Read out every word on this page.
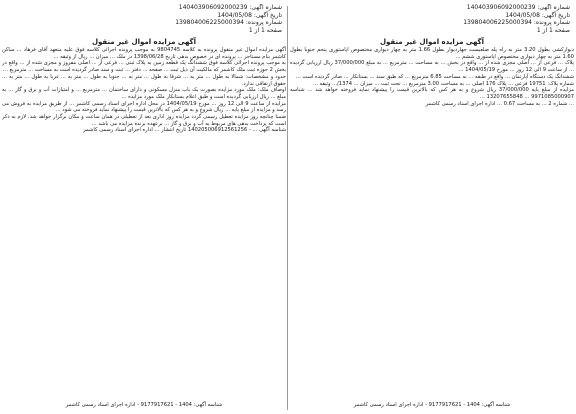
شماره آگهی: 140403906092000239
تاریخ آگهی: 1404/05/08
شماره پرونده: 139804006225000394
صفحه 1 از 1
آگهی مزایده اموال غیر منقول
آگهی مزایده اموال غیر منقول پرونده به کلاسه 9804745 به موجب پرونده اجرائی کلاسه فوق علیه متعهد آقای فرهاد ... ساکن کاشمر بنام مستاجر ... پرونده ای در خصوص بدهی تاریخ 1398/06/28 در ملک ... میزان ... ریال از وثیقه ...
به موجب پرونده اجرائی کلاسه فوق ششدانگ یک قطعه زمین به پلاک ثبتی ... فرعی از ... اصلی مفروز و مجزی شده از ... واقع در بخش 2 حوزه ثبت ملک کاشمر که مالکیت آن ذیل ثبت ... صفحه ... دفتر ... ثبت و سند صادر گردیده است به مساحت ... مترمربع ...
حدود و مشخصات: شمالا به طول ... متر به ... شرقا به طول ... متر به ... جنوبا به طول ... متر به ... غربا به طول ... متر به ... حقوق ارتفاقی ندارد.
اوصاف ملک: ملک مورد مزایده بصورت یک باب منزل مسکونی و دارای ساختمان ... مترمربع ... و امتیازات آب و برق و گاز ... به مبلغ ... ریال ارزیابی گردیده است و طبق اعلام بستانکار ملک مورد مزایده ...
مزایده از ساعت 9 الی 12 روز ... مورخ 1404/05/19 در محل اداره اجرای اسناد رسمی کاشمر ... از طریق مزایده به فروش می رسد و مزایده از مبلغ پایه ... ریال شروع و به هر کس که بالاترین قیمت را پیشنهاد نماید فروخته می شود ...
ضمنا چنانچه روز مزایده تعطیل رسمی گردد مزایده روز اداری بعد از تعطیلی در همان ساعت و مکان برگزار خواهد شد. لازم به ذکر است که پرداخت بدهی های مربوط به آب و برق و گاز ... برعهده برنده مزایده می باشد ...
شناسه آگهی ... - 140205006912561256 تاریخ انتشار ... اداره اجرای اسناد رسمی کاشمر
شناسه آگهی: 1404 - 9177917621 - اداره اجرای اسناد رسمی کاشمر
شماره آگهی: 140403906092000239
تاریخ آگهی: 1404/05/08
شماره پرونده: 139804006225000394
صفحه 1 از 1
آگهی مزایده اموال غیر منقول
دیوارکشی بطول 3.20 متر به راه پله ضلعیست جهاردیوار بطول 1.66 متر به چهار دیواری مختصوص اپاستوری پنجم جنوبا بطول 1.60 متر به چهار دیواری مختصوص اپاستوری ششم ...
پلاک ... فرعی از ... اصلی مجزی شده از ... واقع در بخش ... به مساحت ... مترمربع ... به مبلغ 37/000/000 ریال ارزیابی گردیده ... از ساعت 9 الی 12 روز ... مورخ 1404/05/19 ...
ششدانگ یک دستگاه آپارتمان ... واقع در طبقه ... به مساحت 6.85 مترمربع ... که طبق سند ... بستانکار ... صادر گردیده است ...
شماره پلاک: 19751 فرعی ... پلاک 176 اصلی ... به مساحت 3.00 مترمربع ... تحت ثبت ... میزان ... 1374/... وثیقه ...
مزایده از مبلغ پایه 37/000/000 ریال شروع و به هر کس که بالاترین قیمت را پیشنهاد نماید فروخته خواهد شد ... شناسه 9971085000907 ... 13207655848 ...
... شماره 2 ... به مساحت 0.67 ... اداره اجرای اسناد رسمی کاشمر
شناسه آگهی: 1404 - 9177917621 - اداره اجرای اسناد رسمی کاشمر
